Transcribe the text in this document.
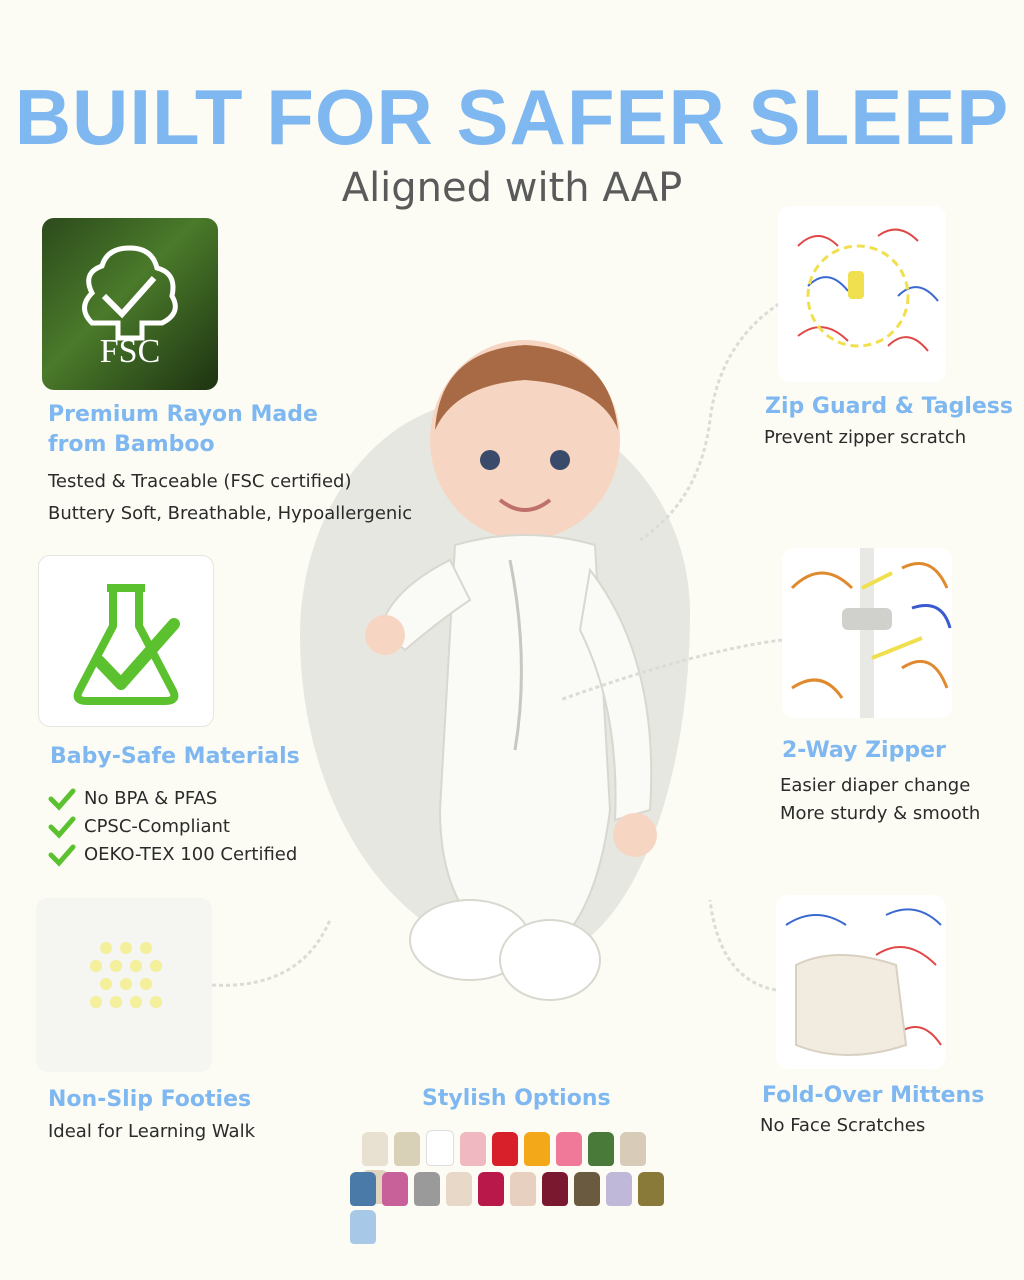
BUILT FOR SAFER SLEEP
Aligned with AAP
FSC
Premium Rayon Made
from Bamboo
Tested & Traceable (FSC certified)
Buttery Soft, Breathable, Hypoallergenic
Baby-Safe Materials
No BPA & PFAS
CPSC-Compliant
OEKO-TEX 100 Certified
Non-Slip Footies
Ideal for Learning Walk
Zip Guard & Tagless
Prevent zipper scratch
2-Way Zipper
Easier diaper change
More sturdy & smooth
Fold-Over Mittens
No Face Scratches
Stylish Options
